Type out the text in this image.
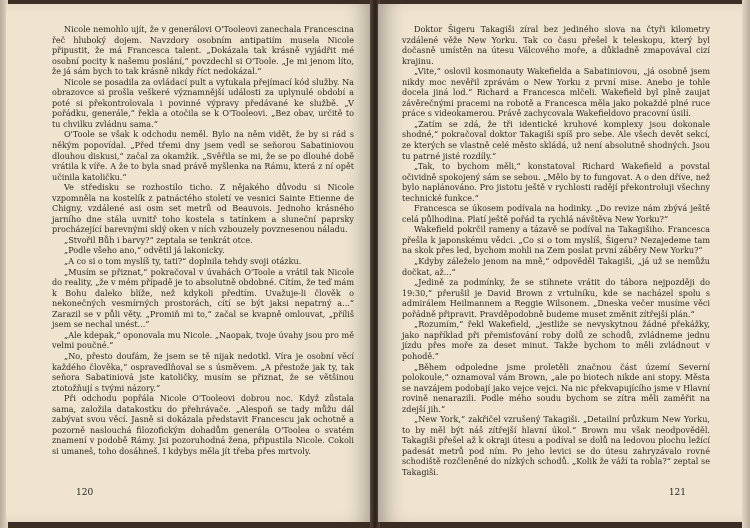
Nicole nemohlo ujít, že v generálovi O'Tooleovi zanechala Francescina řeč hluboký dojem. Navzdory osobním antipatiím musela Nicole připustit, že má Francesca talent. „Dokázala tak krásně vyjádřit mé osobní pocity k našemu poslání,“ povzdechl si O'Toole. „Je mi jenom líto, že já sám bych to tak krásně nikdy říct nedokázal.“

Nicole se posadila za ovládací pult a vyťukala přejímací kód služby. Na obrazovce si prošla veškeré významnější události za uplynulé období a poté si překontrolovala i povinné výpravy předávané ke službě. „V pořádku, generále,“ řekla a otočila se k O'Tooleovi. „Bez obav, určitě to tu chvilku zvládnu sama.“

O'Toole se však k odchodu neměl. Bylo na něm vidět, že by si rád s někým popovídal. „Před třemi dny jsem vedl se seňorou Sabatiniovou dlouhou diskusi,“ začal za okamžik. „Svěřila se mi, že se po dlouhé době vrátila k víře. A že to byla snad právě myšlenka na Rámu, která z ní opět učinila katoličku.“

Ve středisku se rozhostilo ticho. Z nějakého důvodu si Nicole vzpomněla na kostelík z patnáctého století ve vesnici Sainte Etienne de Chigny, vzdálené asi osm set metrů od Beauvois. Jednoho krásného jarního dne stála uvnitř toho kostela s tatínkem a sluneční paprsky procházející barevnými sklý oken v ních vzbouzely povznesenou náladu.

„Stvořil Bůh i barvy?“ zeptala se tenkrát otce.

„Podle všeho ano,“ odvětil já lakonicky.

„A co si o tom myslíš ty, tati?“ doplnila tehdy svoji otázku.

„Musím se přiznat,“ pokračoval v úvahách O'Toole a vrátil tak Nicole do reality, „že v mém případě je to absolutně obdobné. Cítím, že teď mám k Bohu daleko blíže, než kdykoli předtím. Uvažuje-li člověk o nekonečných vesmírných prostorách, cítí se být jaksi nepatrný a...“ Zarazil se v půli věty. „Promiň mi to,“ začal se kvapně omlouvat, „příliš jsem se nechal unést...“

„Ale kdepak,“ oponovala mu Nicole. „Naopak, tvoje úvahy jsou pro mě velmi poučné.“

„No, přesto doufám, že jsem se tě nijak nedotkl. Víra je osobní věcí každého člověka,“ ospravedlňoval se s úsměvem. „A přestože jak ty, tak seňora Sabatiniová jste katoličky, musím se přiznat, že se většinou ztotožňují s tvými názory.“

Při odchodu popřála Nicole O'Tooleovi dobrou noc. Když zůstala sama, založila datakostku do přehrávače. „Alespoň se tady můžu dál zabývat svou věcí. Jasně si dokázala představit Francescu jak ochotně a pozorně naslouchá filozofickým dohadům generála O'Toolea o svatém znamení v podobě Rámy. Jsi pozoruhodná žena, připustila Nicole. Cokoli si umaneš, toho dosáhneš. I kdybys měla jít třeba přes mrtvoly.

120

Doktor Šigeru Takagiši zíral bez jediného slova na čtyři kilometry vzdálené věže New Yorku. Tak co času přešel k teleskopu, který byl dočasně umístěn na útesu Válcového moře, a důkladně zmapovával cizí krajinu.

„Vite,“ oslovil kosmonauty Wakefielda a Sabatiniovou, „já osobně jsem nikdy moc nevěřil zprávám o New Yorku z první mise. Anebo je tohle docela jiná lod.“ Richard a Francesca mlčeli. Wakefield byl plně zaujat závěrečnými pracemi na robotě a Francesca měla jako pokaždé plné ruce práce s videokamerou. Právě zachycovala Wakefieldovo pracovní úsilí.

„Zatím se zdá, že tři identické kruhové komplexy jsou dokonale shodné,“ pokračoval doktor Takagiši spíš pro sebe. Ale všech devět sekcí, ze kterých se vlastně celé město skládá, už není absolutně shodných. Jsou tu patrné jisté rozdíly.“

„Tak, to bychom měli,“ konstatoval Richard Wakefield a povstal očividně spokojený sám se sebou. „Mělo by to fungovat. A o den dříve, než bylo naplánováno. Pro jistotu ještě v rychlosti radějí překontroluji všechny technické funkce.“

Francesca se úkosem podívala na hodinky. „Do revize nám zbývá ještě celá půlhodina. Platí ještě pořád ta rychlá návštěva New Yorku?“

Wakefield pokrčil rameny a tázavě se podíval na Takagišiho. Francesca přešla k japonskému vědci. „Co si o tom myslíš, Šigeru? Nezajedeme tam na skok přes led, bychom mohli na Zem poslat první záběry New Yorku?“

„Kdyby záleželo jenom na mně,“ odpověděl Takagiši, „já už se nemůžu dočkat, až...“

„Jedině za podmínky, že se stihnete vrátit do tábora nejpozději do 19:30,“ přerušil je David Brown z vrtulníku, kde se nacházel spolu s admirálem Heilmannem a Reggie Wilsonem. „Dneska večer musíme věci pořádně připravit. Pravděpodobně budeme muset změnit zítřejší plán.“

„Rozumím,“ řekl Wakefield, „jestliže se nevyskytnou žádné překážky, jako například při přemisťování roby dolů ze schodů, zvládneme jednu jízdu přes moře za deset minut. Takže bychom to měli zvládnout v pohodě.“

„Během odpoledne jsme proletěli značnou část území Severní polokoule,“ oznamoval vám Brown, „ale po biotech nikde ani stopy. Města se navzájem podobají jako vejce vejci. Na nic překvapujícího jsme v Hlavní rovině nenarazili. Podle mého soudu bychom se zítra měli zaměřit na zdejší jih.“

„New York,“ zakřičel vzrušený Takagiši. „Detailní průzkum New Yorku, to by měl být náš zítřejší hlavní úkol.“ Brown mu však neodpověděl. Takagiši přešel až k okraji útesu a podíval se dolů na ledovou plochu ležící padesát metrů pod ním. Po jeho levici se do útesu zahryzávalo rovné schodiště rozčleněné do nízkých schodů. „Kolik že váží ta robla?“ zeptal se Takagiši.

121
